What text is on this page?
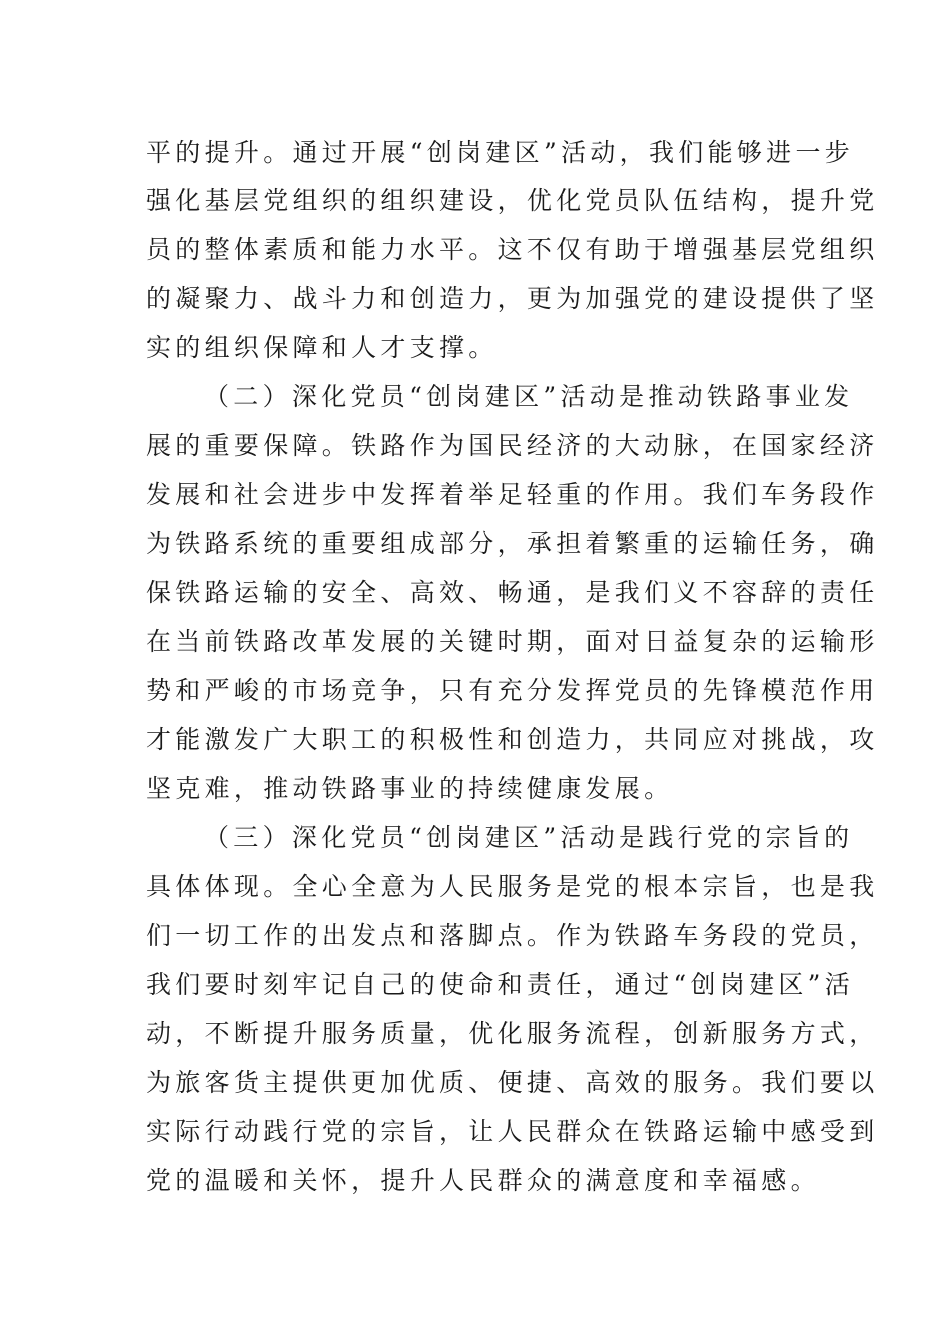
平的提升。通过开展“创岗建区”活动，我们能够进一步
强化基层党组织的组织建设，优化党员队伍结构，提升党
员的整体素质和能力水平。这不仅有助于增强基层党组织
的凝聚力、战斗力和创造力，更为加强党的建设提供了坚
实的组织保障和人才支撑。
（二）深化党员“创岗建区”活动是推动铁路事业发
展的重要保障。铁路作为国民经济的大动脉，在国家经济
发展和社会进步中发挥着举足轻重的作用。我们车务段作
为铁路系统的重要组成部分，承担着繁重的运输任务，确
保铁路运输的安全、高效、畅通，是我们义不容辞的责任
在当前铁路改革发展的关键时期，面对日益复杂的运输形
势和严峻的市场竞争，只有充分发挥党员的先锋模范作用
才能激发广大职工的积极性和创造力，共同应对挑战，攻
坚克难，推动铁路事业的持续健康发展。
（三）深化党员“创岗建区”活动是践行党的宗旨的
具体体现。全心全意为人民服务是党的根本宗旨，也是我
们一切工作的出发点和落脚点。作为铁路车务段的党员，
我们要时刻牢记自己的使命和责任，通过“创岗建区”活
动，不断提升服务质量，优化服务流程，创新服务方式，
为旅客货主提供更加优质、便捷、高效的服务。我们要以
实际行动践行党的宗旨，让人民群众在铁路运输中感受到
党的温暖和关怀，提升人民群众的满意度和幸福感。
